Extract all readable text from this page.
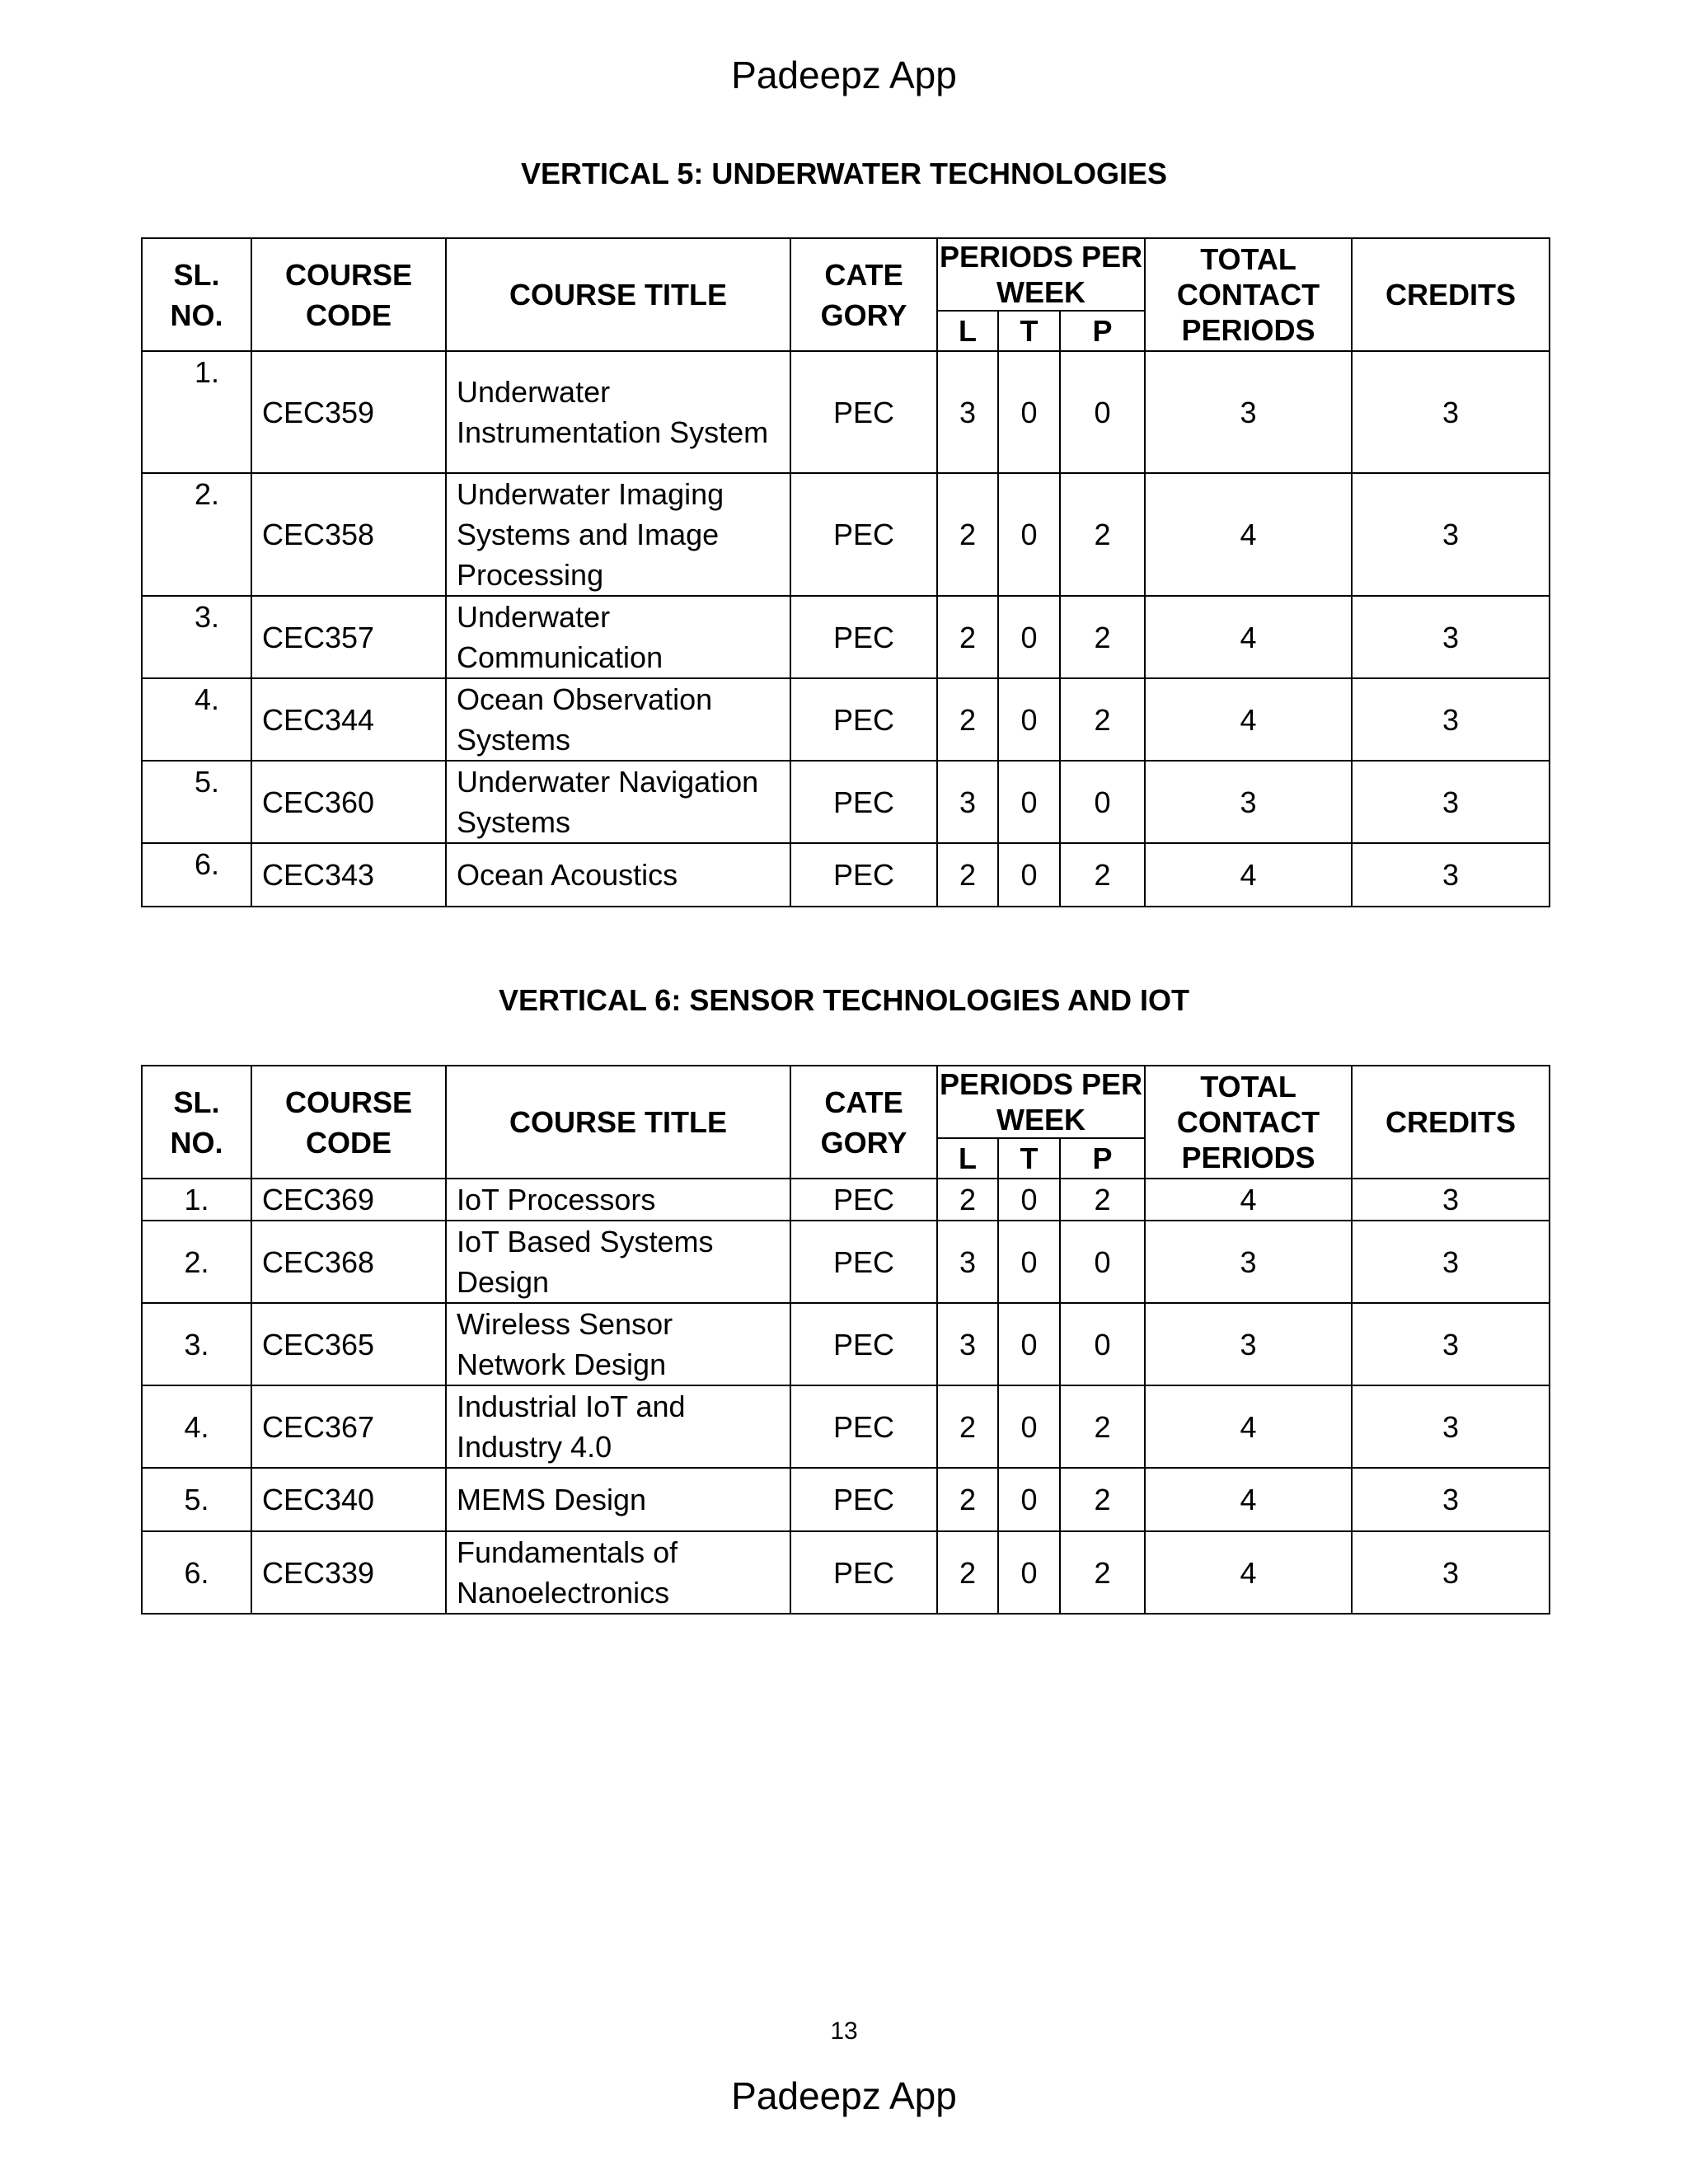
Padeepz App
VERTICAL 5: UNDERWATER TECHNOLOGIES
SL. NO.	COURSE CODE	COURSE TITLE	CATE GORY	PERIODS PER WEEK			TOTAL CONTACT PERIODS	CREDITS
				L	T	P		
1.	CEC359	Underwater Instrumentation System	PEC	3	0	0	3	3
2.	CEC358	Underwater Imaging Systems and Image Processing	PEC	2	0	2	4	3
3.	CEC357	Underwater Communication	PEC	2	0	2	4	3
4.	CEC344	Ocean Observation Systems	PEC	2	0	2	4	3
5.	CEC360	Underwater Navigation Systems	PEC	3	0	0	3	3
6.	CEC343	Ocean Acoustics	PEC	2	0	2	4	3
VERTICAL 6: SENSOR TECHNOLOGIES AND IOT
SL. NO.	COURSE CODE	COURSE TITLE	CATE GORY	PERIODS PER WEEK			TOTAL CONTACT PERIODS	CREDITS
				L	T	P		
1.	CEC369	IoT Processors	PEC	2	0	2	4	3
2.	CEC368	IoT Based Systems Design	PEC	3	0	0	3	3
3.	CEC365	Wireless Sensor Network Design	PEC	3	0	0	3	3
4.	CEC367	Industrial IoT and Industry 4.0	PEC	2	0	2	4	3
5.	CEC340	MEMS Design	PEC	2	0	2	4	3
6.	CEC339	Fundamentals of Nanoelectronics	PEC	2	0	2	4	3
13
Padeepz App
